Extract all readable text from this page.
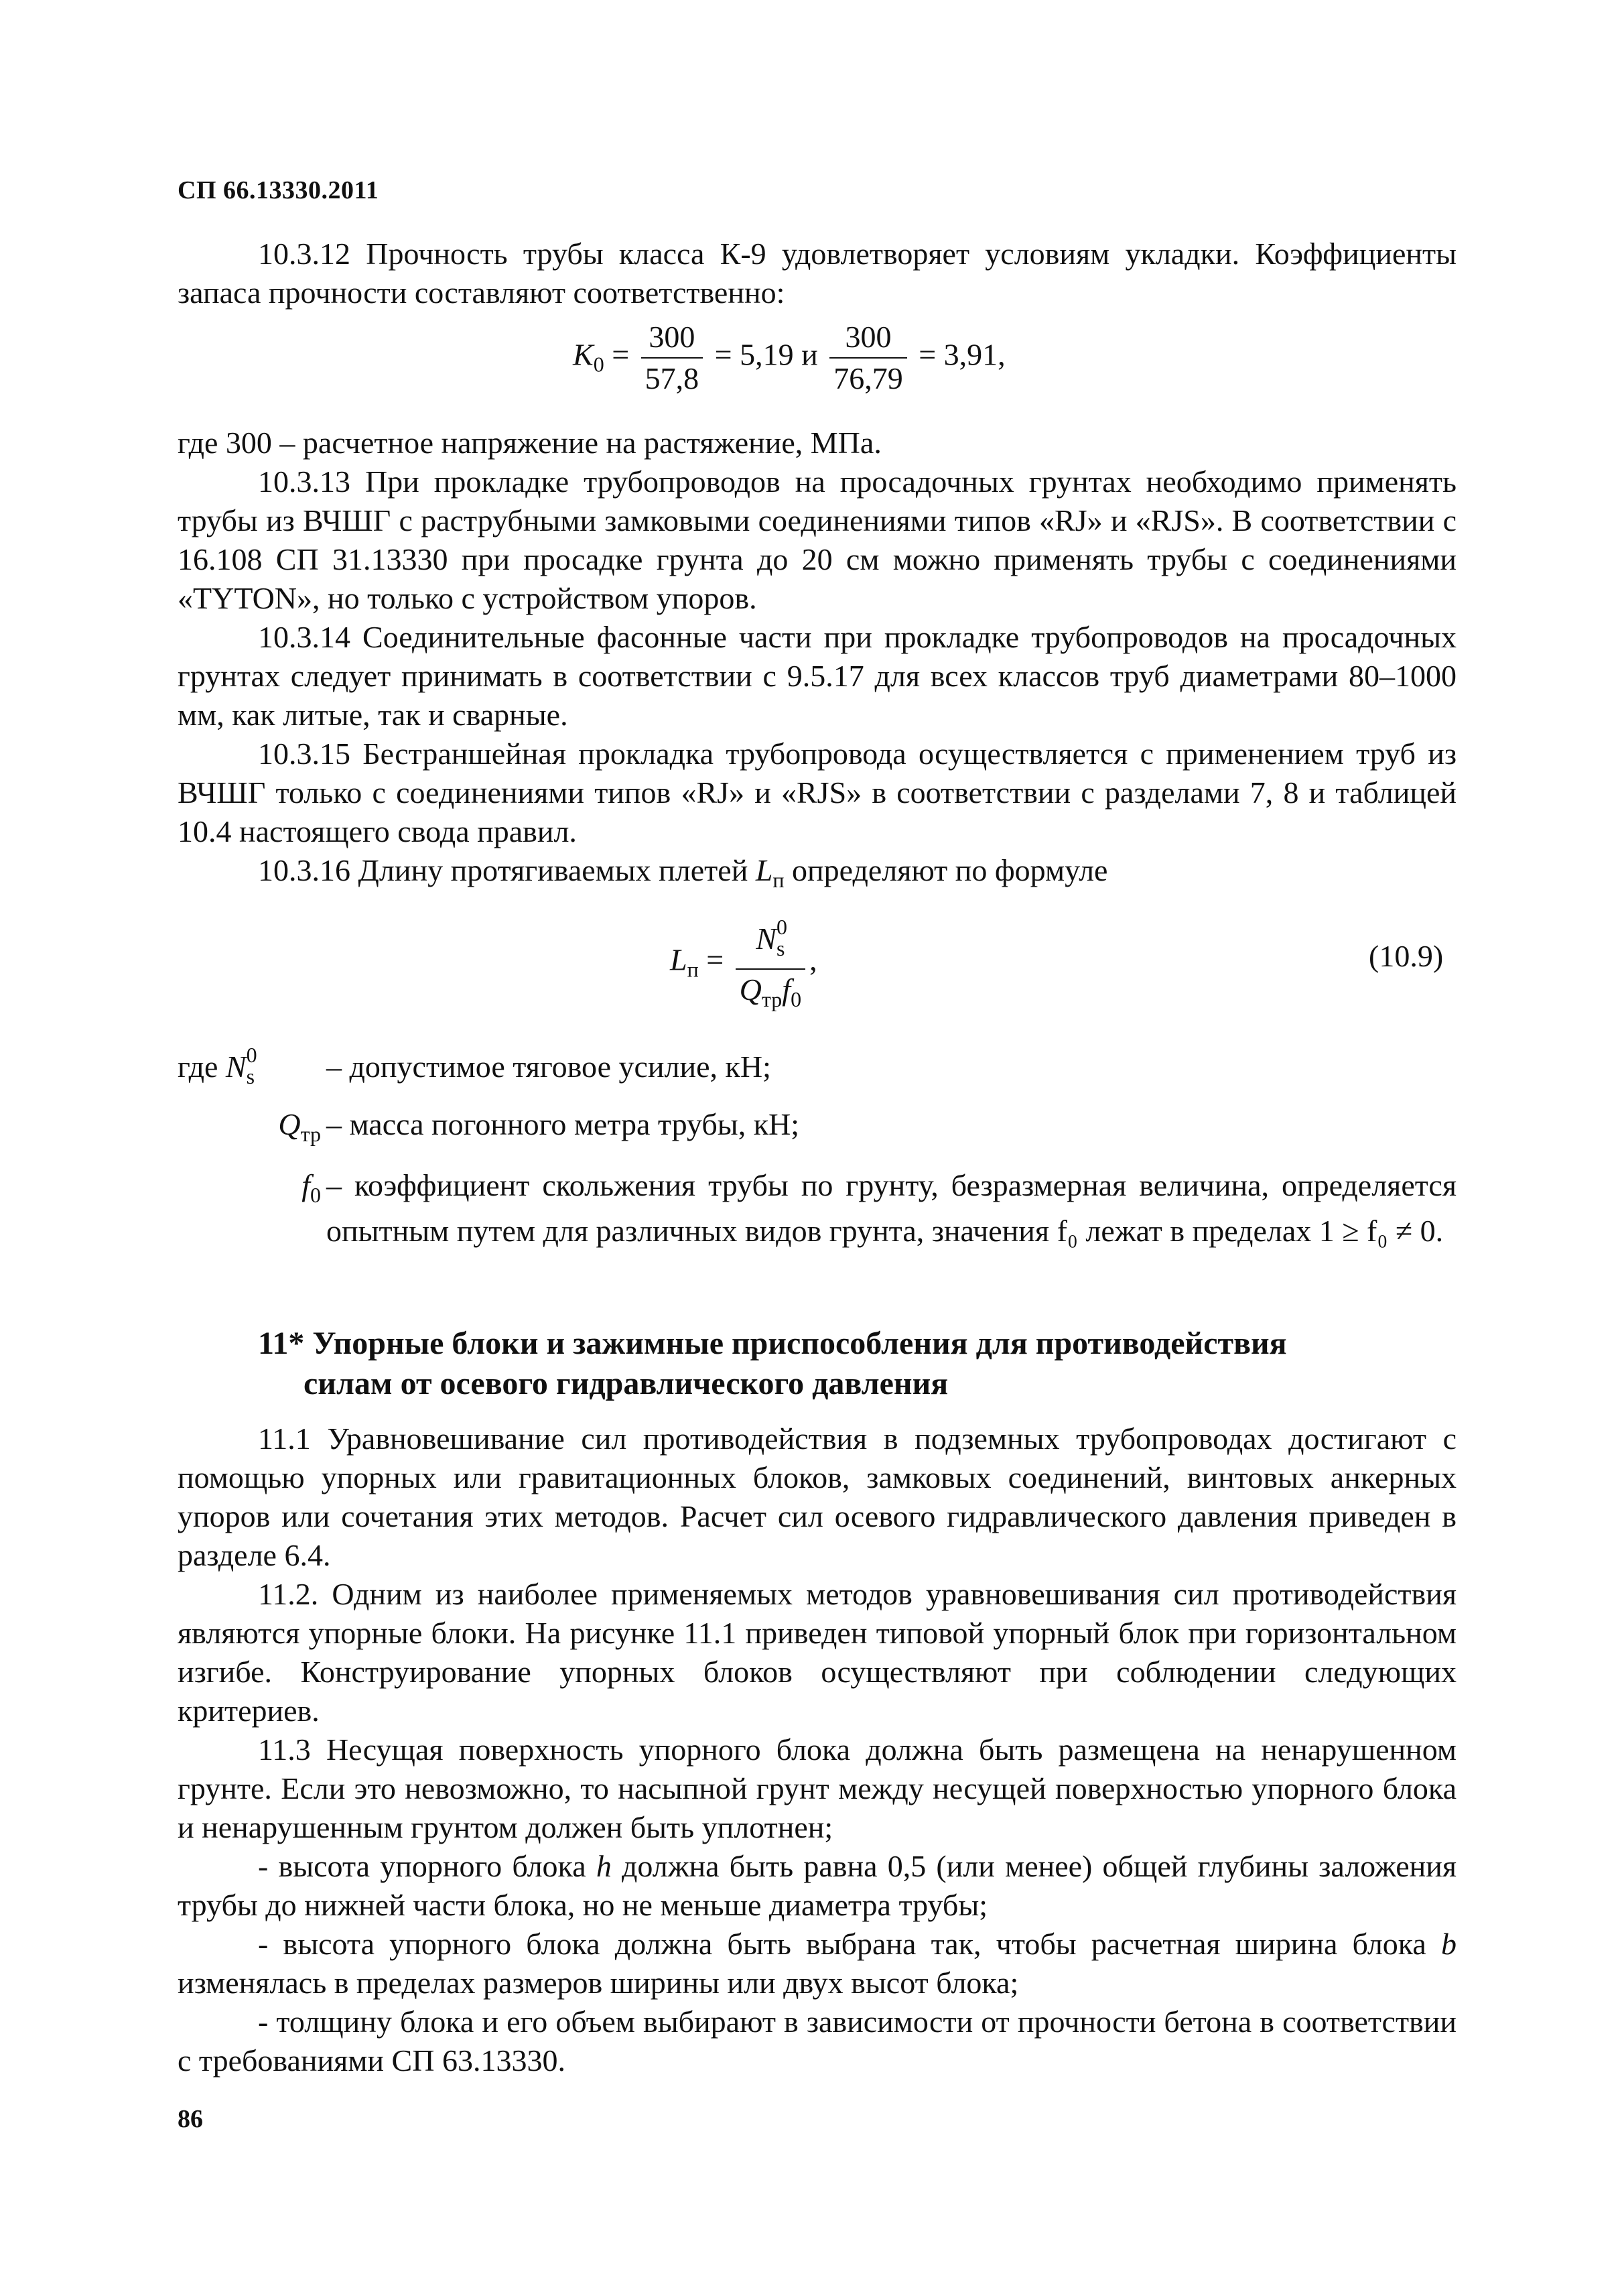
СП 66.13330.2011

10.3.12 Прочность трубы класса К-9 удовлетворяет условиям укладки. Коэффициенты запаса прочности составляют соответственно:

$K_0 = \frac{300}{57,8} = 5,19$ и $\frac{300}{76,79} = 3,91$,

где 300 – расчетное напряжение на растяжение, МПа.

10.3.13 При прокладке трубопроводов на просадочных грунтах необходимо применять трубы из ВЧШГ с раструбными замковыми соединениями типов «RJ» и «RJS». В соответствии с 16.108 СП 31.13330 при просадке грунта до 20 см можно применять трубы с соединениями «TYTON», но только с устройством упоров.

10.3.14 Соединительные фасонные части при прокладке трубопроводов на просадочных грунтах следует принимать в соответствии с 9.5.17 для всех классов труб диаметрами 80–1000 мм, как литые, так и сварные.

10.3.15 Бестраншейная прокладка трубопровода осуществляется с применением труб из ВЧШГ только с соединениями типов «RJ» и «RJS» в соответствии с разделами 7, 8 и таблицей 10.4 настоящего свода правил.

10.3.16 Длину протягиваемых плетей $L_п$ определяют по формуле

$L_п = \frac{N^0_s}{Q_{тр}f_0}$ ,	(10.9)
где $N^0_s$	– допустимое тяговое усилие, кН;
$Q_{тр}$ – масса погонного метра трубы, кН;
$f_0$ – коэффициент скольжения трубы по грунту, безразмерная величина, определяется опытным путем для различных видов грунта, значения f₀ лежат в пределах 1 ≥ f₀ ≠ 0.
11* Упорные блоки и зажимные приспособления для противодействия
силам от осевого гидравлического давления

11.1 Уравновешивание сил противодействия в подземных трубопроводах достигают с помощью упорных или гравитационных блоков, замковых соединений, винтовых анкерных упоров или сочетания этих методов. Расчет сил осевого гидравлического давления приведен в разделе 6.4.

11.2. Одним из наиболее применяемых методов уравновешивания сил противодействия являются упорные блоки. На рисунке 11.1 приведен типовой упорный блок при горизонтальном изгибе. Конструирование упорных блоков осуществляют при соблюдении следующих критериев.

11.3 Несущая поверхность упорного блока должна быть размещена на ненарушенном грунте. Если это невозможно, то насыпной грунт между несущей поверхностью упорного блока и ненарушенным грунтом должен быть уплотнен;

- высота упорного блока h должна быть равна 0,5 (или менее) общей глубины заложения трубы до нижней части блока, но не меньше диаметра трубы;

- высота упорного блока должна быть выбрана так, чтобы расчетная ширина блока b изменялась в пределах размеров ширины или двух высот блока;

- толщину блока и его объем выбирают в зависимости от прочности бетона в соответствии с требованиями СП 63.13330.

86
